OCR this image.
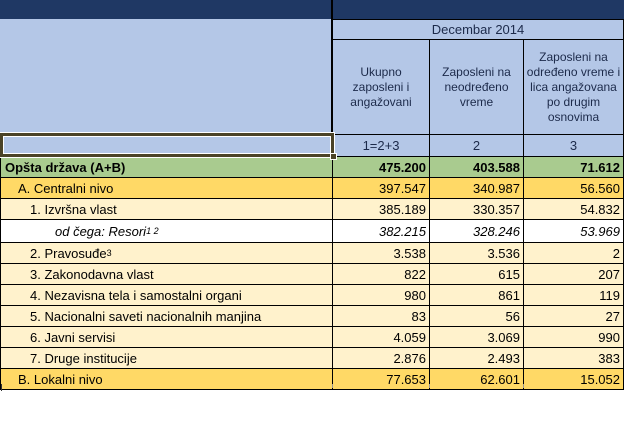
Decembar 2014
Ukupno zaposleni i angažovani
Zaposleni na neodređeno vreme
Zaposleni na određeno vreme i lica angažovana po drugim osnovima
1=2+3	2	3
Opšta država (A+B)	475.200	403.588	71.612
A. Centralni nivo	397.547	340.987	56.560
1. Izvršna vlast	385.189	330.357	54.832
od čega: Resori 1 2	382.215	328.246	53.969
2. Pravosuđe 3	3.538	3.536	2
3. Zakonodavna vlast	822	615	207
4. Nezavisna tela i samostalni organi	980	861	119
5. Nacionalni saveti nacionalnih manjina	83	56	27
6. Javni servisi	4.059	3.069	990
7. Druge institucije	2.876	2.493	383
B. Lokalni nivo	77.653	62.601	15.052
